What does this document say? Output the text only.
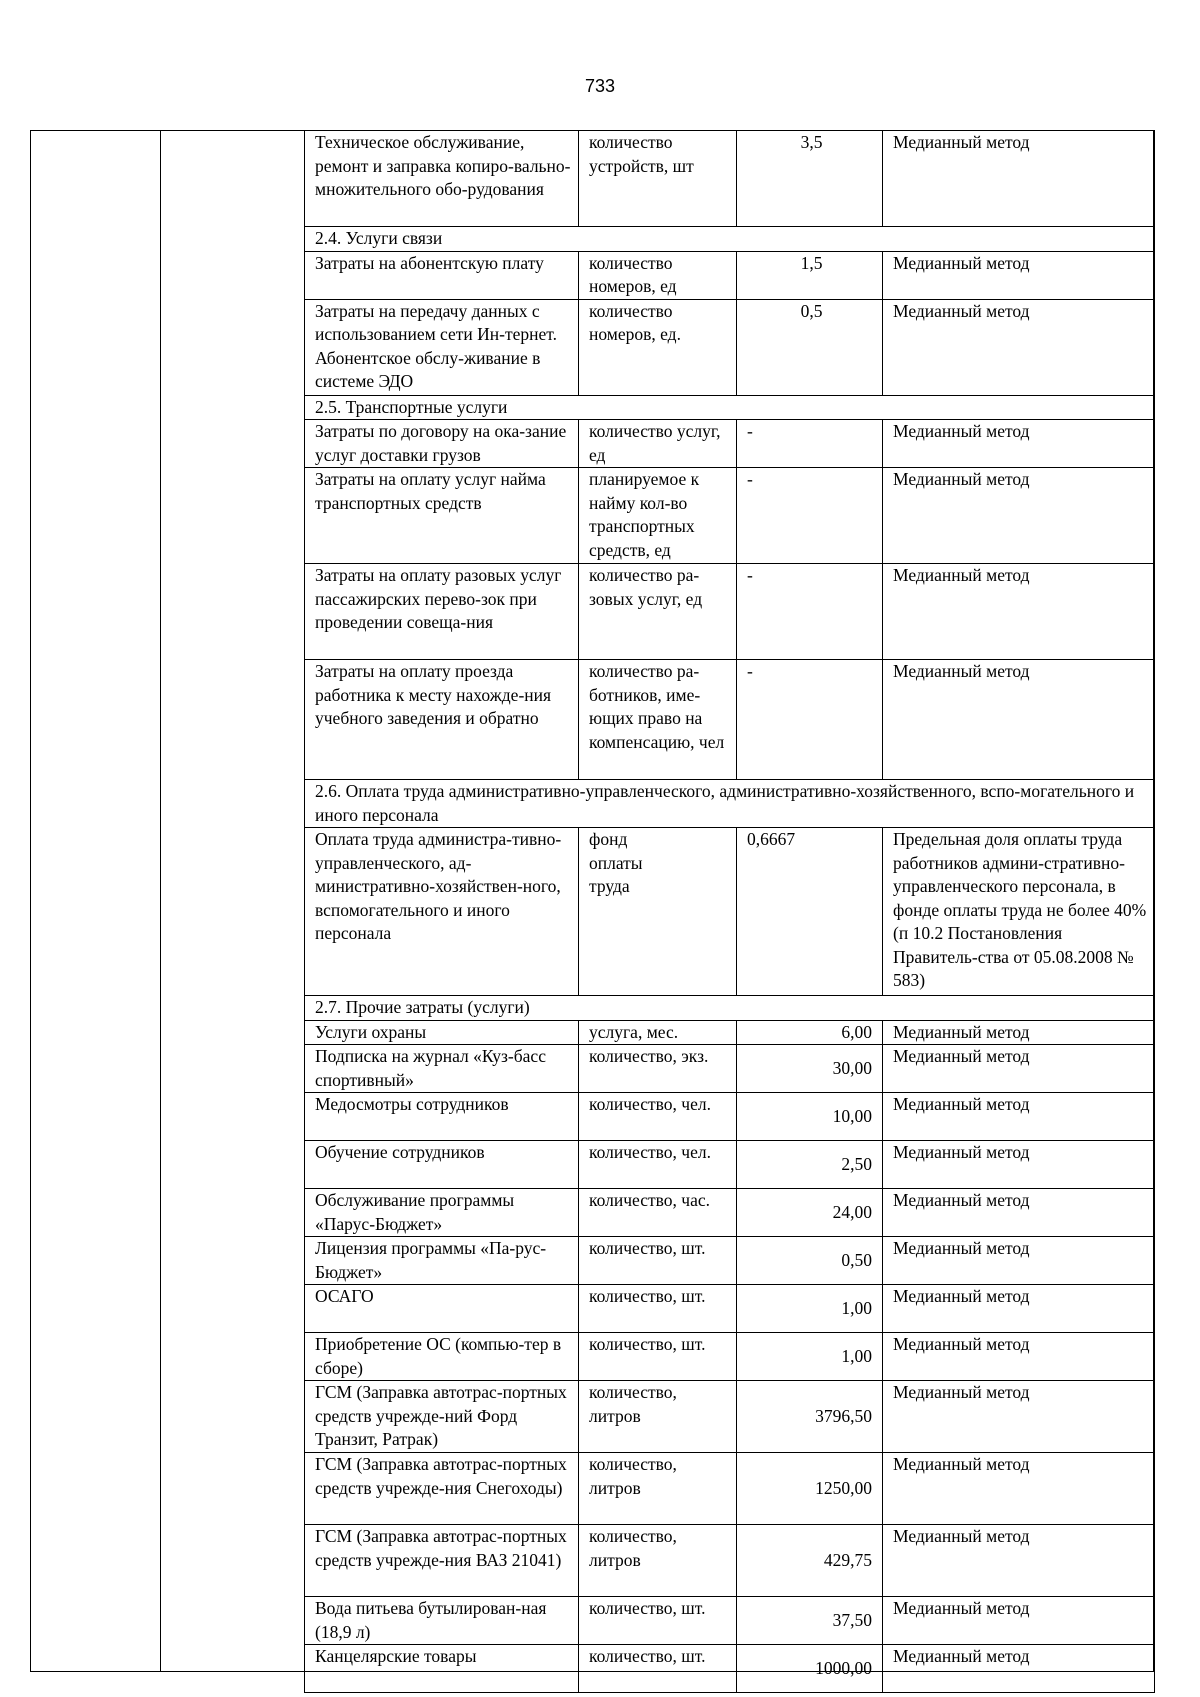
733
Техническое обслуживание, ремонт и заправка копиро-вально-множительного обо-рудования	количество устройств, шт	3,5	Медианный метод
2.4. Услуги связи			
Затраты на абонентскую плату	количество номеров, ед	1,5	Медианный метод
Затраты на передачу данных с использованием сети Ин-тернет. Абонентское обслу-живание в системе ЭДО	количество номеров, ед.	0,5	Медианный метод
2.5. Транспортные услуги			
Затраты по договору на ока-зание услуг доставки грузов	количество услуг, ед	-	Медианный метод
Затраты на оплату услуг найма транспортных средств	планируемое к найму кол-во транспортных средств, ед	-	Медианный метод
Затраты на оплату разовых услуг пассажирских перево-зок при проведении совеща-ния	количество ра-зовых услуг, ед	-	Медианный метод
Затраты на оплату проезда работника к месту нахожде-ния учебного заведения и обратно	количество ра-ботников, име-ющих право на компенсацию, чел	-	Медианный метод
2.6. Оплата труда административно-управленческого, административно-хозяйственного, вспо-могательного и иного персонала			
Оплата труда администра-тивно-управленческого, ад-министративно-хозяйствен-ного, вспомогательного и иного персонала	фонд оплаты труда	0,6667	Предельная доля оплаты труда работников админи-стративно-управленческого персонала, в фонде оплаты труда не более 40% (п 10.2 Постановления Правитель-ства от 05.08.2008 № 583)
2.7. Прочие затраты (услуги)			
Услуги охраны	услуга, мес.	6,00	Медианный метод
Подписка на журнал «Куз-басс спортивный»	количество, экз.	30,00	Медианный метод
Медосмотры сотрудников	количество, чел.	10,00	Медианный метод
Обучение сотрудников	количество, чел.	2,50	Медианный метод
Обслуживание программы «Парус-Бюджет»	количество, час.	24,00	Медианный метод
Лицензия программы «Па-рус-Бюджет»	количество, шт.	0,50	Медианный метод
ОСАГО	количество, шт.	1,00	Медианный метод
Приобретение ОС (компью-тер в сборе)	количество, шт.	1,00	Медианный метод
ГСМ (Заправка автотрас-портных средств учрежде-ний Форд Транзит, Ратрак)	количество, литров	3796,50	Медианный метод
ГСМ (Заправка автотрас-портных средств учрежде-ния Снегоходы)	количество, литров	1250,00	Медианный метод
ГСМ (Заправка автотрас-портных средств учрежде-ния ВАЗ 21041)	количество, литров	429,75	Медианный метод
Вода питьева бутылирован-ная (18,9 л)	количество, шт.	37,50	Медианный метод
Канцелярские товары	количество, шт.	1000,00	Медианный метод
